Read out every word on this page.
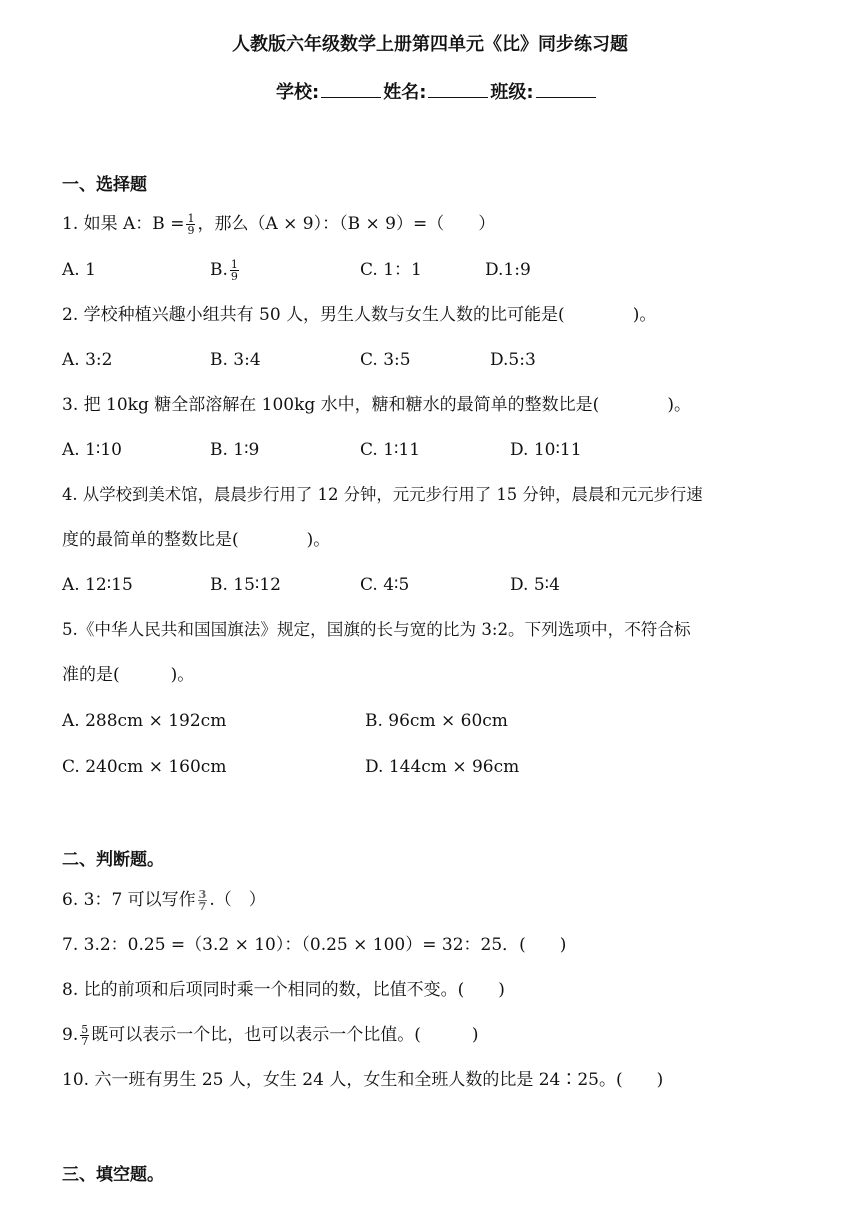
人教版六年级数学上册第四单元《比》同步练习题
学校:	姓名:	班级:
一、选择题
1. 如果 A：$B = \frac{1}{9}$ ，那么（A × 9）：（B × 9）=（　　）
A. 1	B. $\frac{1}{9}$	C. 1：1	D.1:9
2. 学校种植兴趣小组共有 50 人，男生人数与女生人数的比可能是(　　　　)。
A. 3:2	B. 3:4	C. 3:5	D.5:3
3. 把 10kg 糖全部溶解在 100kg 水中，糖和糖水的最简单的整数比是(　　　　)。
A. 1∶10	B. 1∶9	C. 1∶11	D. 10∶11
4. 从学校到美术馆，晨晨步行用了 12 分钟，元元步行用了 15 分钟，晨晨和元元步行速
度的最简单的整数比是(　　　　)。
A. 12∶15	B. 15∶12	C. 4∶5	D. 5∶4
5.《中华人民共和国国旗法》规定，国旗的长与宽的比为 3:2。下列选项中，不符合标
准的是(　　　)。
A. 288cm × 192cm	B. 96cm × 60cm
C. 240cm × 160cm	D. 144cm × 96cm
二、判断题。
6. 3：7 可以写作 $\frac{3}{7}$ .（　）
7. 3.2：0.25 =（3.2 × 10）：（0.25 × 100）= 32：25．(　　)
8. 比的前项和后项同时乘一个相同的数，比值不变。(　　)
9. $\frac{5}{7}$ 既可以表示一个比，也可以表示一个比值。(　　　)
10. 六一班有男生 25 人，女生 24 人，女生和全班人数的比是 24∶25。(　　)
三、填空题。
